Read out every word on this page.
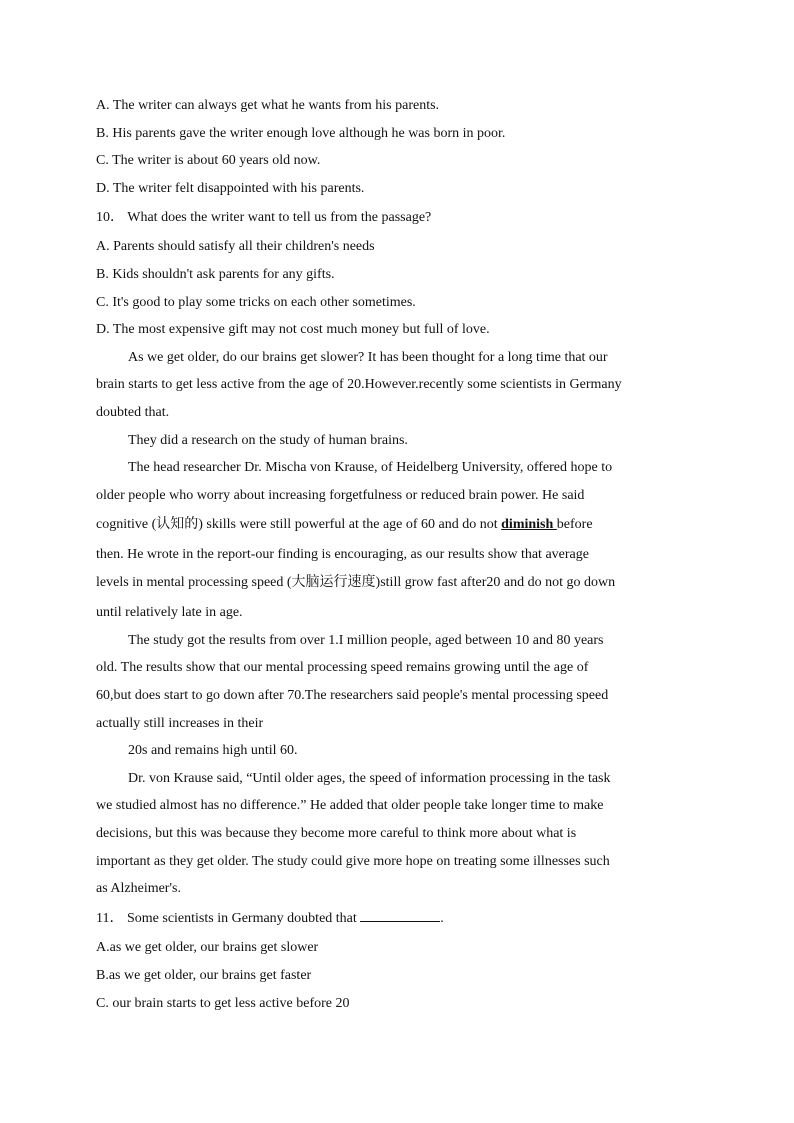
A. The writer can always get what he wants from his parents.
B. His parents gave the writer enough love although he was born in poor.
C. The writer is about 60 years old now.
D. The writer felt disappointed with his parents.
10． What does the writer want to tell us from the passage?
A. Parents should satisfy all their children's needs
B. Kids shouldn't ask parents for any gifts.
C. It's good to play some tricks on each other sometimes.
D. The most expensive gift may not cost much money but full of love.
As we get older, do our brains get slower? It has been thought for a long time that our
brain starts to get less active from the age of 20.However.recently some scientists in Germany
doubted that.
They did a research on the study of human brains.
The head researcher Dr. Mischa von Krause, of Heidelberg University, offered hope to
older people who worry about increasing forgetfulness or reduced brain power. He said
cognitive (认知的) skills were still powerful at the age of 60 and do not diminish before
then. He wrote in the report-our finding is encouraging, as our results show that average
levels in mental processing speed (大脑运行速度)still grow fast after20 and do not go down
until relatively late in age.
The study got the results from over 1.I million people, aged between 10 and 80 years
old. The results show that our mental processing speed remains growing until the age of
60,but does start to go down after 70.The researchers said people's mental processing speed
actually still increases in their
20s and remains high until 60.
Dr. von Krause said, “Until older ages, the speed of information processing in the task
we studied almost has no difference.” He added that older people take longer time to make
decisions, but this was because they become more careful to think more about what is
important as they get older. The study could give more hope on treating some illnesses such
as Alzheimer's.
11． Some scientists in Germany doubted that	.
A.as we get older, our brains get slower
B.as we get older, our brains get faster
C. our brain starts to get less active before 20
